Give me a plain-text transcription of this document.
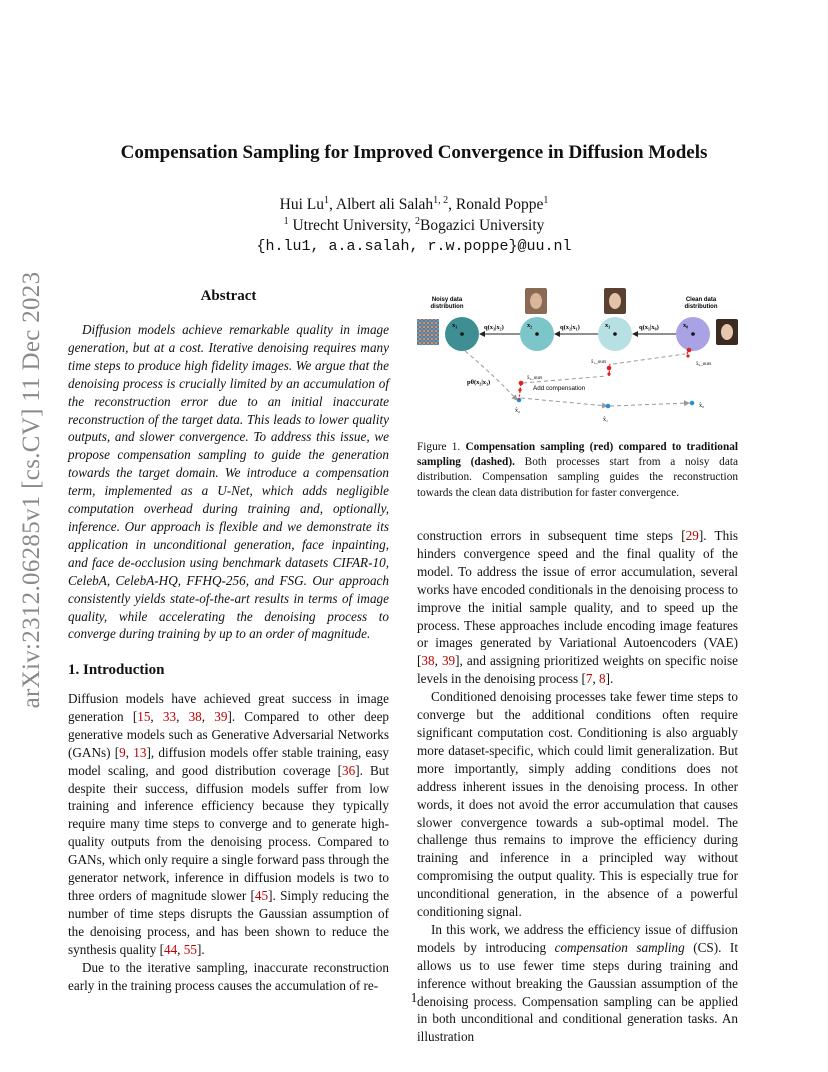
arXiv:2312.06285v1 [cs.CV] 11 Dec 2023
Compensation Sampling for Improved Convergence in Diffusion Models
Hui Lu$^1$, Albert ali Salah$^{1, 2}$, Ronald Poppe$^1$
$^1$ Utrecht University, $^2$Bogazici University
{h.lu1, a.a.salah, r.w.poppe}@uu.nl
Abstract

Diffusion models achieve remarkable quality in image generation, but at a cost. Iterative denoising requires many time steps to produce high fidelity images. We argue that the denoising process is crucially limited by an accumulation of the reconstruction error due to an initial inaccurate reconstruction of the target data. This leads to lower quality outputs, and slower convergence. To address this issue, we propose compensation sampling to guide the generation towards the target domain. We introduce a compensation term, implemented as a U-Net, which adds negligible computation overhead during training and, optionally, inference. Our approach is flexible and we demonstrate its application in unconditional generation, face inpainting, and face de-occlusion using benchmark datasets CIFAR-10, CelebA, CelebA-HQ, FFHQ-256, and FSG. Our approach consistently yields state-of-the-art results in terms of image quality, while accelerating the denoising process to converge during training by up to an order of magnitude.

1. Introduction

Diffusion models have achieved great success in image generation [15, 33, 38, 39]. Compared to other deep generative models such as Generative Adversarial Networks (GANs) [9, 13], diffusion models offer stable training, easy model scaling, and good distribution coverage [36]. But despite their success, diffusion models suffer from low training and inference efficiency because they typically require many time steps to converge and to generate high-quality outputs from the denoising process. Compared to GANs, which only require a single forward pass through the generator network, inference in diffusion models is two to three orders of magnitude slower [45]. Simply reducing the number of time steps disrupts the Gaussian assumption of the denoising process, and has been shown to reduce the synthesis quality [44, 55].

Due to the iterative sampling, inaccurate reconstruction early in the training process causes the accumulation of re-

Noisy data
distribution
Clean data
distribution
x₃	x₂	x₁	x₀
q(x₃|x₂)	q(x₂|x₁)	q(x₁|x₀)
x̂₂
x̂₁
x̂₀
x̂₂_ours
x̂₁_ours	x̂₀_ours
Add compensation
pθ(x₂|x₃)
Figure 1. Compensation sampling (red) compared to traditional sampling (dashed). Both processes start from a noisy data distribution. Compensation sampling guides the reconstruction towards the clean data distribution for faster convergence.

construction errors in subsequent time steps [29]. This hinders convergence speed and the final quality of the model. To address the issue of error accumulation, several works have encoded conditionals in the denoising process to improve the initial sample quality, and to speed up the process. These approaches include encoding image features or images generated by Variational Autoencoders (VAE) [38, 39], and assigning prioritized weights on specific noise levels in the denoising process [7, 8].

Conditioned denoising processes take fewer time steps to converge but the additional conditions often require significant computation cost. Conditioning is also arguably more dataset-specific, which could limit generalization. But more importantly, simply adding conditions does not address inherent issues in the denoising process. In other words, it does not avoid the error accumulation that causes slower convergence towards a sub-optimal model. The challenge thus remains to improve the efficiency during training and inference in a principled way without compromising the output quality. This is especially true for unconditional generation, in the absence of a powerful conditioning signal.

In this work, we address the efficiency issue of diffusion models by introducing compensation sampling (CS). It allows us to use fewer time steps during training and inference without breaking the Gaussian assumption of the denoising process. Compensation sampling can be applied in both unconditional and conditional generation tasks. An illustration

1
